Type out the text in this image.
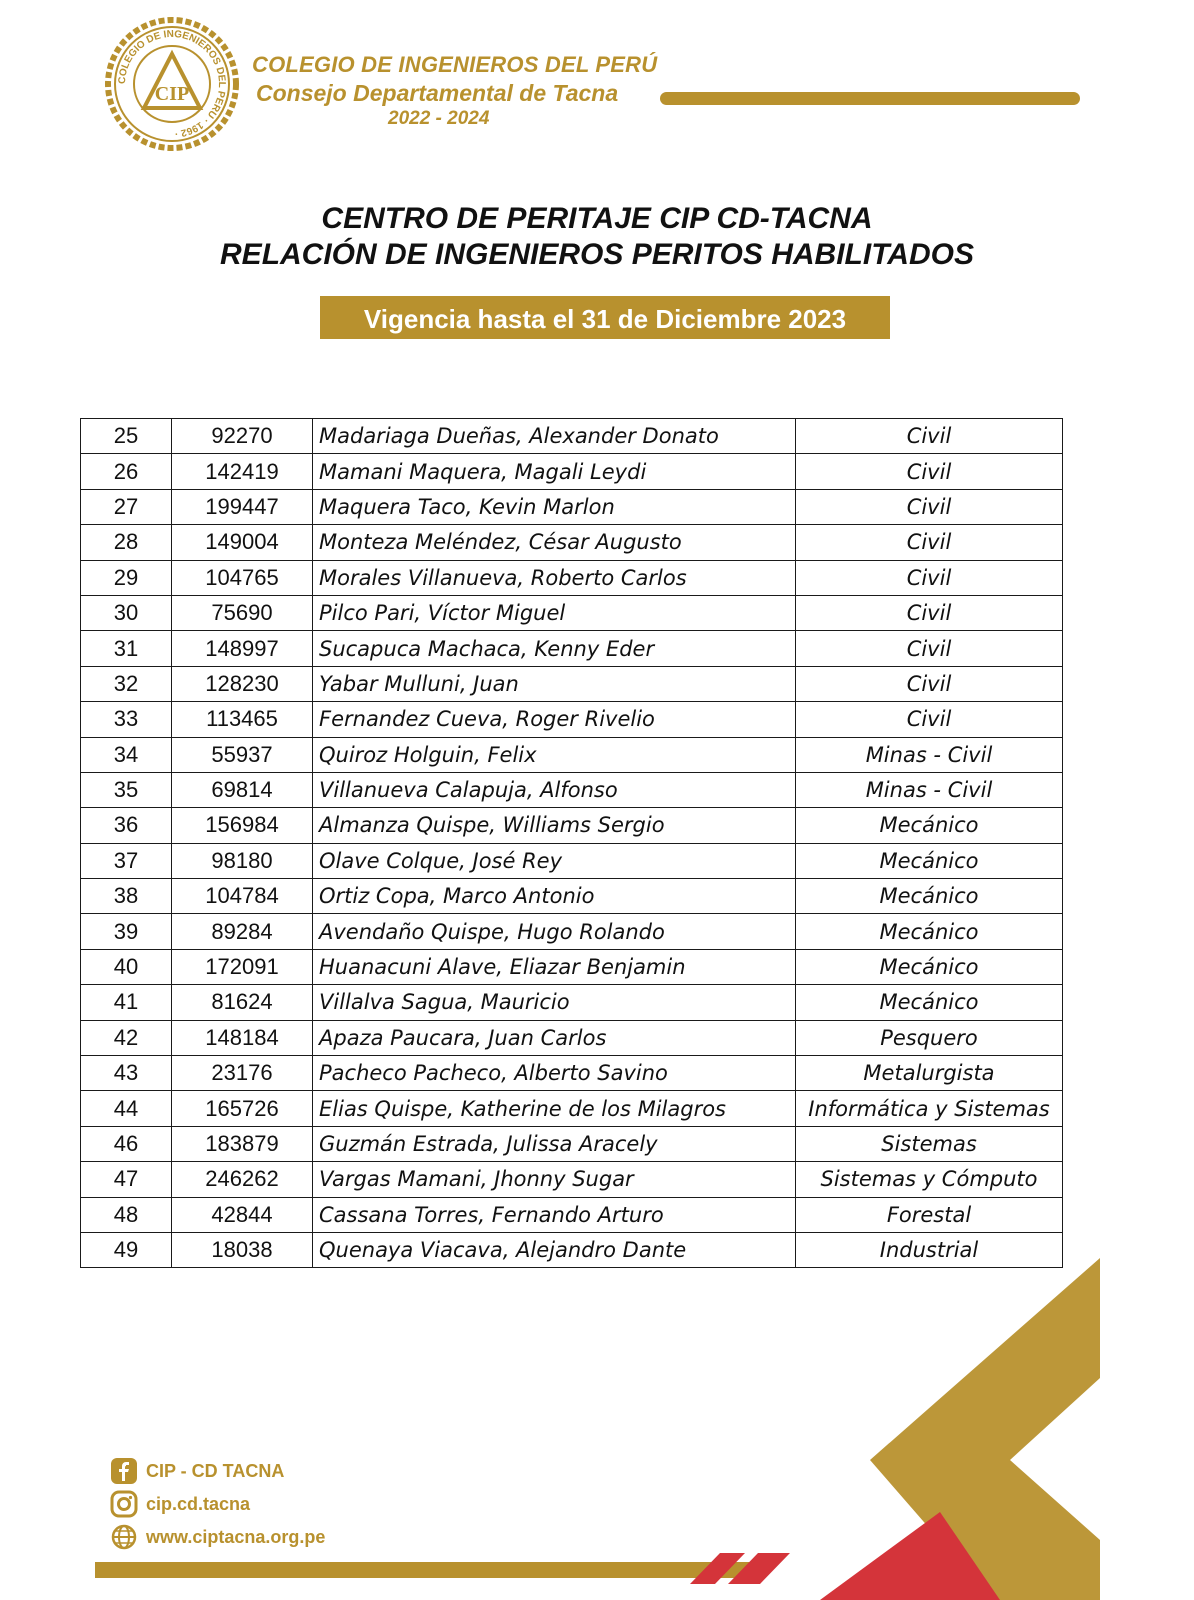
COLEGIO DE INGENIEROS DEL PERU · 1962 ·
CIP
COLEGIO DE INGENIEROS DEL PERÚ
Consejo Departamental de Tacna
2022 - 2024
CENTRO DE PERITAJE CIP CD-TACNA
RELACIÓN DE INGENIEROS PERITOS HABILITADOS
Vigencia hasta el 31 de Diciembre 2023
25	92270	Madariaga Dueñas, Alexander Donato	Civil
26	142419	Mamani Maquera, Magali Leydi	Civil
27	199447	Maquera Taco, Kevin Marlon	Civil
28	149004	Monteza Meléndez, César Augusto	Civil
29	104765	Morales Villanueva, Roberto Carlos	Civil
30	75690	Pilco Pari, Víctor Miguel	Civil
31	148997	Sucapuca Machaca, Kenny Eder	Civil
32	128230	Yabar Mulluni, Juan	Civil
33	113465	Fernandez Cueva, Roger Rivelio	Civil
34	55937	Quiroz Holguin, Felix	Minas - Civil
35	69814	Villanueva Calapuja, Alfonso	Minas - Civil
36	156984	Almanza Quispe, Williams Sergio	Mecánico
37	98180	Olave Colque, José Rey	Mecánico
38	104784	Ortiz Copa, Marco Antonio	Mecánico
39	89284	Avendaño Quispe, Hugo Rolando	Mecánico
40	172091	Huanacuni Alave, Eliazar Benjamin	Mecánico
41	81624	Villalva Sagua, Mauricio	Mecánico
42	148184	Apaza Paucara, Juan Carlos	Pesquero
43	23176	Pacheco Pacheco, Alberto Savino	Metalurgista
44	165726	Elias Quispe, Katherine de los Milagros	Informática y Sistemas
46	183879	Guzmán Estrada, Julissa Aracely	Sistemas
47	246262	Vargas Mamani, Jhonny Sugar	Sistemas y Cómputo
48	42844	Cassana Torres, Fernando Arturo	Forestal
49	18038	Quenaya Viacava, Alejandro Dante	Industrial
CIP - CD TACNA
cip.cd.tacna
www.ciptacna.org.pe
